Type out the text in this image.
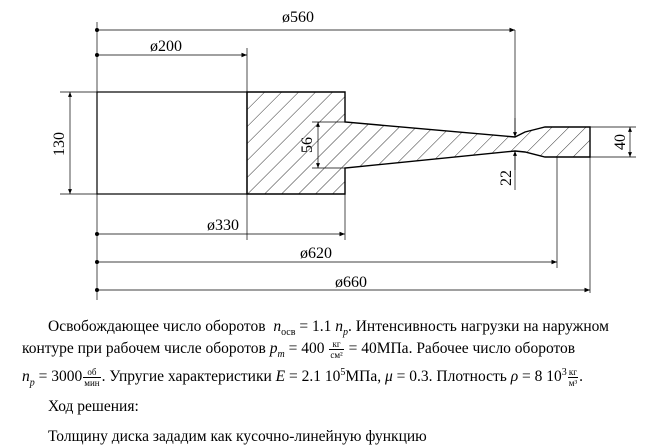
ø560
ø200
ø330
ø620
ø660
130	56
22
40
Освобождающее число оборотов $n_{осв} = 1.1$ $n_p$. Интенсивность нагрузки на наружном
контуре при рабочем числе оборотов $p_m = 400 \frac{кг}{\text{см²}} = 40МПа$. Рабочее число оборотов
$n_p = 3000 \frac{об}{\text{мин}}$ . Упругие характеристики E = 2.1 $10^5МПа$, μ = 0.3. Плотность ρ = 8 $10^3 \frac{кг}{\text{м³}}$ .
Ход решения:
Толщину диска зададим как кусочно-линейную функцию
